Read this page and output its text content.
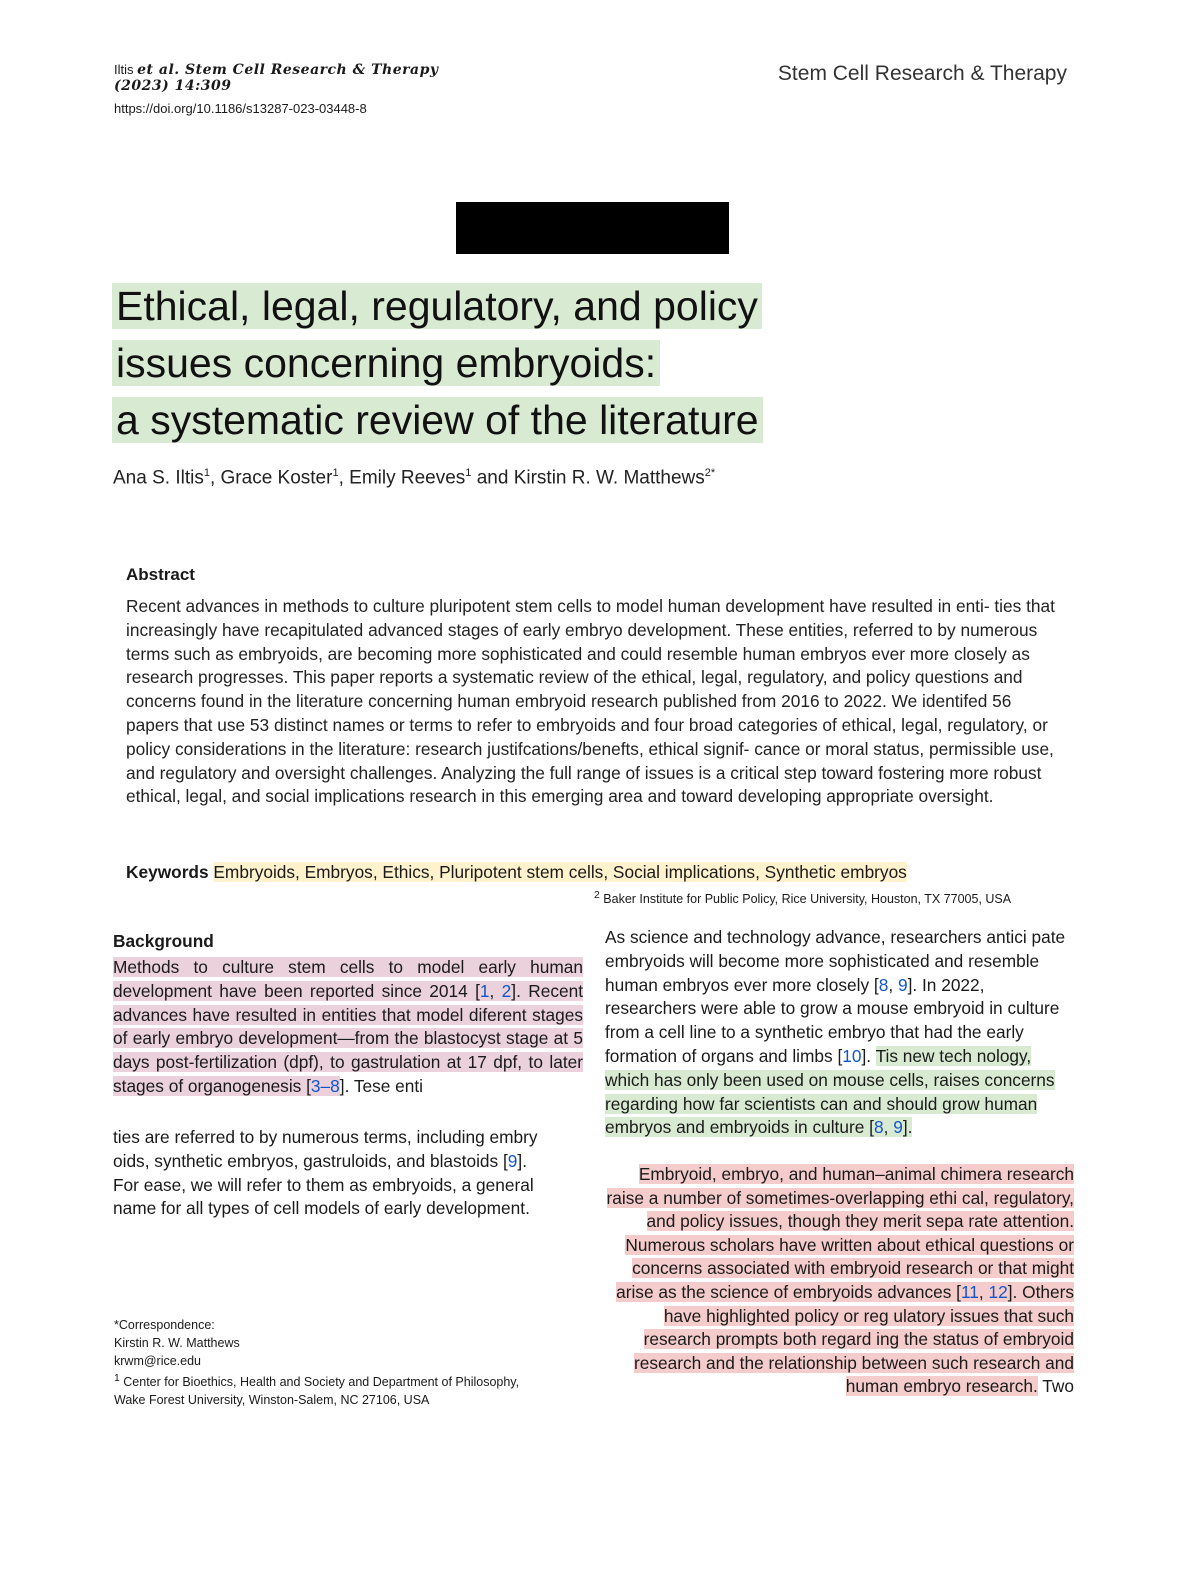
Iltis et al. Stem Cell Research & Therapy (2023) 14:309
https://doi.org/10.1186/s13287-023-03448-8
Stem Cell Research & Therapy
Ethical, legal, regulatory, and policy
issues concerning embryoids:
a systematic review of the literature
Ana S. Iltis$^1$, Grace Koster$^1$, Emily Reeves$^1$ and Kirstin R. W. Matthews$^{2*}$
Abstract
Recent advances in methods to culture pluripotent stem cells to model human development have resulted in enti- ties that increasingly have recapitulated advanced stages of early embryo development. These entities, referred to by numerous terms such as embryoids, are becoming more sophisticated and could resemble human embryos ever more closely as research progresses. This paper reports a systematic review of the ethical, legal, regulatory, and policy questions and concerns found in the literature concerning human embryoid research published from 2016 to 2022. We identifed 56 papers that use 53 distinct names or terms to refer to embryoids and four broad categories of ethical, legal, regulatory, or policy considerations in the literature: research justifcations/benefts, ethical signif- cance or moral status, permissible use, and regulatory and oversight challenges. Analyzing the full range of issues is a critical step toward fostering more robust ethical, legal, and social implications research in this emerging area and toward developing appropriate oversight.
Keywords Embryoids, Embryos, Ethics, Pluripotent stem cells, Social implications, Synthetic embryos
$^2$ Baker Institute for Public Policy, Rice University, Houston, TX 77005, USA
Background
Methods to culture stem cells to model early human development have been reported since 2014 [1, 2]. Recent advances have resulted in entities that model diferent stages of early embryo development—from the blastocyst stage at 5 days post-fertilization (dpf), to gastrulation at 17 dpf, to later stages of organogenesis [3–8]. Tese enti
ties are referred to by numerous terms, including embry oids, synthetic embryos, gastruloids, and blastoids [9]. For ease, we will refer to them as embryoids, a general name for all types of cell models of early development.
As science and technology advance, researchers antici pate embryoids will become more sophisticated and resemble human embryos ever more closely [8, 9]. In 2022, researchers were able to grow a mouse embryoid in culture from a cell line to a synthetic embryo that had the early formation of organs and limbs [10]. Tis new tech nology, which has only been used on mouse cells, raises concerns regarding how far scientists can and should grow human embryos and embryoids in culture [8, 9].
Embryoid, embryo, and human–animal chimera research raise a number of sometimes-overlapping ethi cal, regulatory, and policy issues, though they merit sepa rate attention. Numerous scholars have written about ethical questions or concerns associated with embryoid research or that might arise as the science of embryoids advances [11, 12]. Others have highlighted policy or reg ulatory issues that such research prompts both regard ing the status of embryoid research and the relationship between such research and human embryo research. Two
*Correspondence:
Kirstin R. W. Matthews
krwm@rice.edu
$^1$ Center for Bioethics, Health and Society and Department of Philosophy, Wake Forest University, Winston-Salem, NC 27106, USA
